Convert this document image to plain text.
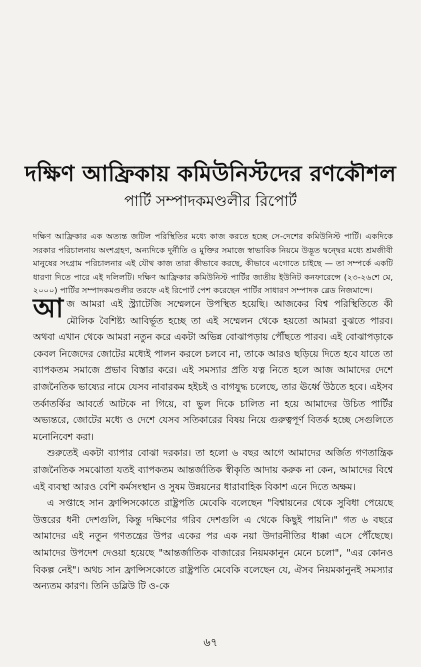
দক্ষিণ আফ্রিকায় কমিউনিস্টদের রণকৌশল
পার্টি সম্পাদকমণ্ডলীর রিপোর্ট
দক্ষিণ আফ্রিকার এক অত্যন্ত জটিল পরিস্থিতির মধ্যে কাজ করতে হচ্ছে সে-দেশের কমিউনিস্ট পার্টি। একদিকে সরকার পরিচালনায় অংশগ্রহণ, অন্যদিকে দুর্নীতি ও মুক্তির সমাজে স্বাভাবিক নিয়মে উদ্ভূত দ্বন্দ্বের মধ্যে শ্রমজীবী মানুষের সংগ্রাম পরিচালনার এই যৌথ কাজ তারা কীভাবে করছে, কীভাবে এগোতে চাইছে — তা সম্পর্কে একটি ধারণা দিতে পারে এই দলিলটি। দক্ষিণ আফ্রিকার কমিউনিস্ট পার্টির জাতীয় ইউনিট কনফারেন্সে (২৩-২৬শে মে, ২০০০) পার্টির সম্পাদকমণ্ডলীর তরফে এই রিপোর্ট পেশ করেছেন পার্টির সাধারণ সম্পাদক ব্লেড নিজমান্দে।

আজ আমরা এই স্ট্র্যাটেজি সম্মেলনে উপস্থিত হয়েছি। আজকের বিশ্ব পরিস্থিতিতে কী মৌলিক বৈশিষ্ট্য আবির্ভূত হচ্ছে তা এই সম্মেলন থেকে হয়তো আমরা বুঝতে পারব। অথবা এখান থেকে আমরা নতুন করে একটা অভিন্ন বোঝাপড়ায় পৌঁছতে পারব। এই বোঝাপড়াকে কেবল নিজেদের জোটের মধ্যেই পালন করলে চলবে না, তাকে আরও ছড়িয়ে দিতে হবে যাতে তা ব্যাপকতম সমাজে প্রভাব বিস্তার করে। এই সমস্যার প্রতি যত্ন নিতে হলে আজ আমাদের দেশে রাজনৈতিক ভাষ্যের নামে যেসব নাবারকম হইচই ও বাগযুদ্ধ চলেছে, তার ঊর্ধ্বে উঠতে হবে। এইসব তর্কাতর্কির আবর্তে আটকে না গিয়ে, বা ভুল দিকে চালিত না হয়ে আমাদের উচিত পার্টির অভ্যন্তরে, জোটের মধ্যে ও দেশে যেসব সতিকারের বিষয় নিয়ে গুরুত্বপূর্ণ বিতর্ক হচ্ছে সেগুলিতে মনোনিবেশ করা।

শুরুতেই একটা ব্যাপার বোঝা দরকার। তা হলো ৬ বছর আগে আমাদের অর্জিত গণতান্ত্রিক রাজনৈতিক সমঝোতা যতই ব্যাপকতম আন্তর্জাতিক স্বীকৃতি আদায় করুক না কেন, আমাদের বিশ্বে এই ব্যবস্থা আরও বেশি কর্মসংস্থান ও সুষম উন্নয়নের ধারাবাহিক বিকাশ এনে দিতে অক্ষম।

এ সপ্তাহে সান ফ্রান্সিসকোতে রাষ্ট্রপতি মেবেকি বলেছেন "বিশ্বায়নের থেকে সুবিধা পেয়েছে উত্তরের ধনী দেশগুলি, কিন্তু দক্ষিণের গরিব দেশগুলি এ থেকে কিছুই পায়নি।" গত ৬ বছরে আমাদের এই নতুন গণতন্ত্রের উপর একের পর এক নয়া উদারনীতির ধাক্কা এসে পৌঁছেছে। আমাদের উপদেশ দেওয়া হয়েছে "আন্তর্জাতিক বাজারের নিয়মকানুন মেনে চলো", "এর কোনও বিকল্প নেই"। অথচ সান ফ্রান্সিসকোতে রাষ্ট্রপতি মেবেকি বলেছেন যে, ঐসব নিয়মকানুনই সমস্যার অন্যতম কারণ। তিনি ডব্লিউ টি ও-কে

৬৭
